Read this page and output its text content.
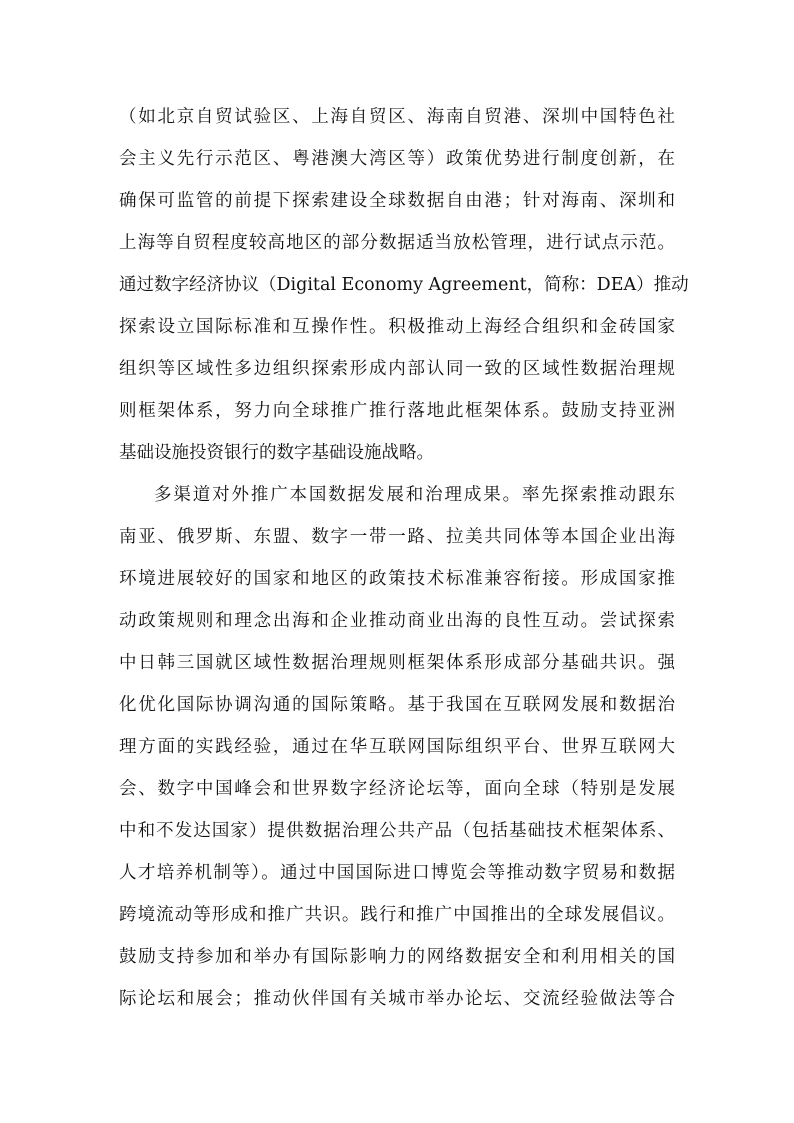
（如北京自贸试验区、上海自贸区、海南自贸港、深圳中国特色社
会主义先行示范区、粤港澳大湾区等）政策优势进行制度创新，在
确保可监管的前提下探索建设全球数据自由港；针对海南、深圳和
上海等自贸程度较高地区的部分数据适当放松管理，进行试点示范。
通过数字经济协议（Digital Economy Agreement，简称：DEA）推动
探索设立国际标准和互操作性。积极推动上海经合组织和金砖国家
组织等区域性多边组织探索形成内部认同一致的区域性数据治理规
则框架体系，努力向全球推广推行落地此框架体系。鼓励支持亚洲
基础设施投资银行的数字基础设施战略。
多渠道对外推广本国数据发展和治理成果。率先探索推动跟东
南亚、俄罗斯、东盟、数字一带一路、拉美共同体等本国企业出海
环境进展较好的国家和地区的政策技术标准兼容衔接。形成国家推
动政策规则和理念出海和企业推动商业出海的良性互动。尝试探索
中日韩三国就区域性数据治理规则框架体系形成部分基础共识。强
化优化国际协调沟通的国际策略。基于我国在互联网发展和数据治
理方面的实践经验，通过在华互联网国际组织平台、世界互联网大
会、数字中国峰会和世界数字经济论坛等，面向全球（特别是发展
中和不发达国家）提供数据治理公共产品（包括基础技术框架体系、
人才培养机制等）。通过中国国际进口博览会等推动数字贸易和数据
跨境流动等形成和推广共识。践行和推广中国推出的全球发展倡议。
鼓励支持参加和举办有国际影响力的网络数据安全和利用相关的国
际论坛和展会；推动伙伴国有关城市举办论坛、交流经验做法等合
